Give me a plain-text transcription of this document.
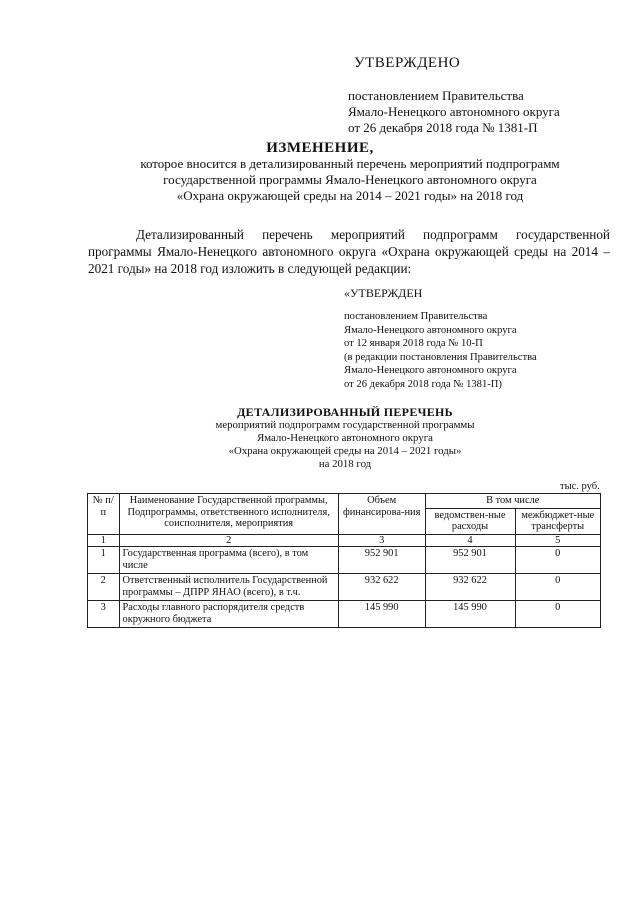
УТВЕРЖДЕНО
постановлением Правительства
Ямало-Ненецкого автономного округа
от 26 декабря 2018 года № 1381-П
ИЗМЕНЕНИЕ,
которое вносится в детализированный перечень мероприятий подпрограмм
государственной программы Ямало-Ненецкого автономного округа
«Охрана окружающей среды на 2014 – 2021 годы» на 2018 год
Детализированный перечень мероприятий подпрограмм государственной программы Ямало-Ненецкого автономного округа «Охрана окружающей среды на 2014 – 2021 годы» на 2018 год изложить в следующей редакции:
«УТВЕРЖДЕН
постановлением Правительства
Ямало-Ненецкого автономного округа
от 12 января 2018 года № 10-П
(в редакции постановления Правительства
Ямало-Ненецкого автономного округа
от 26 декабря 2018 года № 1381-П)
ДЕТАЛИЗИРОВАННЫЙ ПЕРЕЧЕНЬ
мероприятий подпрограмм государственной программы
Ямало-Ненецкого автономного округа
«Охрана окружающей среды на 2014 – 2021 годы»
на 2018 год
тыс. руб.
№ п/п	Наименование Государственной программы, Подпрограммы, ответственного исполнителя, соисполнителя, мероприятия	Объем финансирова-ния	В том числе	
			ведомствен-ные расходы	межбюджет-ные трансферты
1	2	3	4	5
1	Государственная программа (всего), в том числе	952 901	952 901	0
2	Ответственный исполнитель Государственной программы – ДПРР ЯНАО (всего), в т.ч.	932 622	932 622	0
3	Расходы главного распорядителя средств окружного бюджета	145 990	145 990	0
